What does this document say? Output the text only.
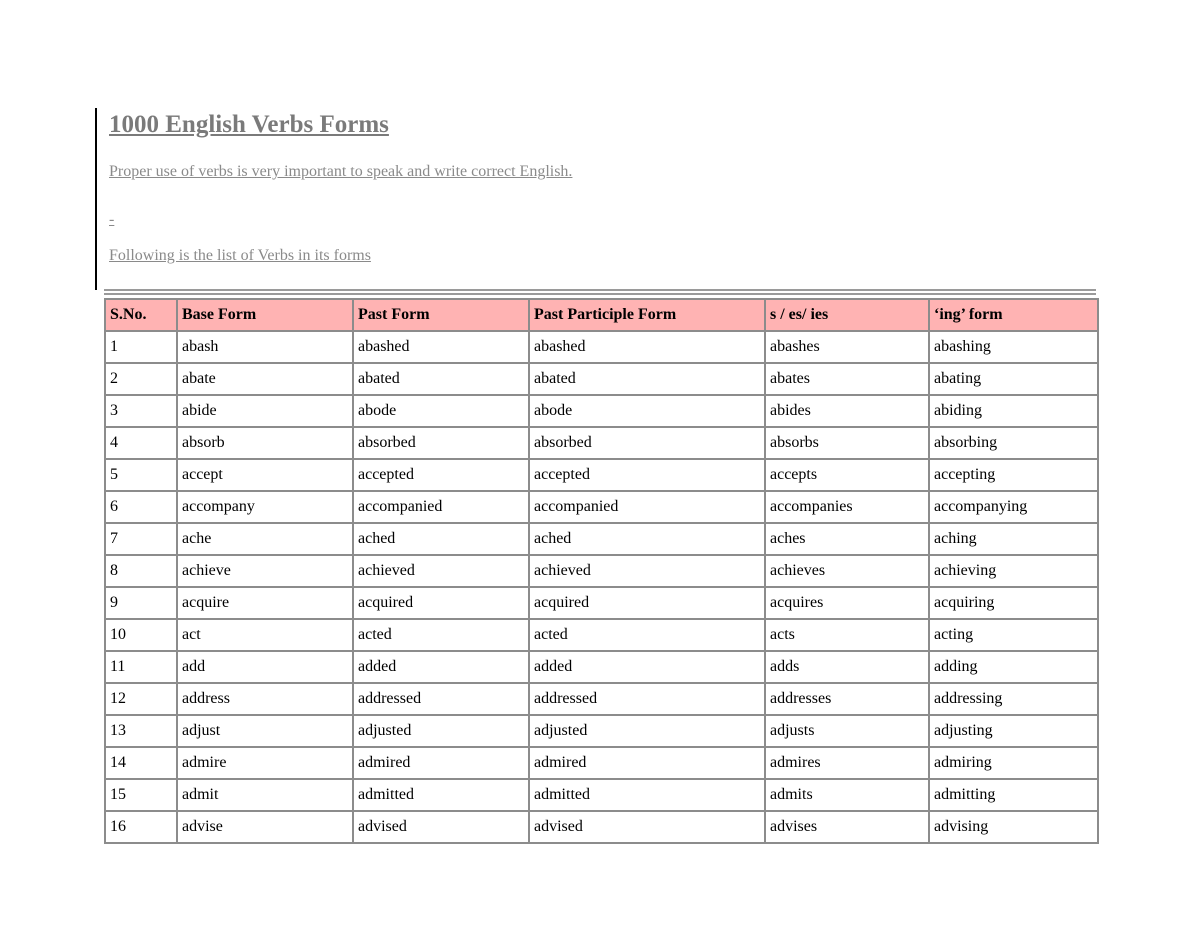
1000 English Verbs Forms

Proper use of verbs is very important to speak and write correct English.

-

Following is the list of Verbs in its forms

S.No.	Base Form	Past Form	Past Participle Form	s / es/ ies	‘ing’ form
1	abash	abashed	abashed	abashes	abashing
2	abate	abated	abated	abates	abating
3	abide	abode	abode	abides	abiding
4	absorb	absorbed	absorbed	absorbs	absorbing
5	accept	accepted	accepted	accepts	accepting
6	accompany	accompanied	accompanied	accompanies	accompanying
7	ache	ached	ached	aches	aching
8	achieve	achieved	achieved	achieves	achieving
9	acquire	acquired	acquired	acquires	acquiring
10	act	acted	acted	acts	acting
11	add	added	added	adds	adding
12	address	addressed	addressed	addresses	addressing
13	adjust	adjusted	adjusted	adjusts	adjusting
14	admire	admired	admired	admires	admiring
15	admit	admitted	admitted	admits	admitting
16	advise	advised	advised	advises	advising
